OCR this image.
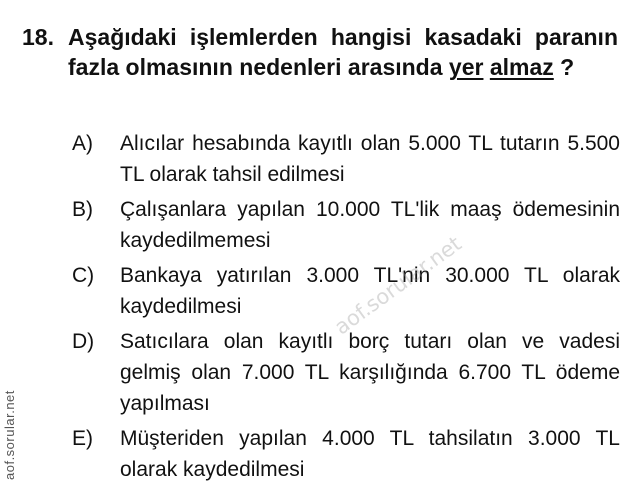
18. Aşağıdaki işlemlerden hangisi kasadaki paranın fazla olmasının nedenleri arasında yer almaz ?
A) Alıcılar hesabında kayıtlı olan 5.000 TL tutarın 5.500 TL olarak tahsil edilmesi
B) Çalışanlara yapılan 10.000 TL'lik maaş ödemesinin kaydedilmemesi
C) Bankaya yatırılan 3.000 TL'nin 30.000 TL olarak kaydedilmesi
D) Satıcılara olan kayıtlı borç tutarı olan ve vadesi gelmiş olan 7.000 TL karşılığında 6.700 TL ödeme yapılması
E) Müşteriden yapılan 4.000 TL tahsilatın 3.000 TL olarak kaydedilmesi
aof.sorular.net
aof.sorular.net
